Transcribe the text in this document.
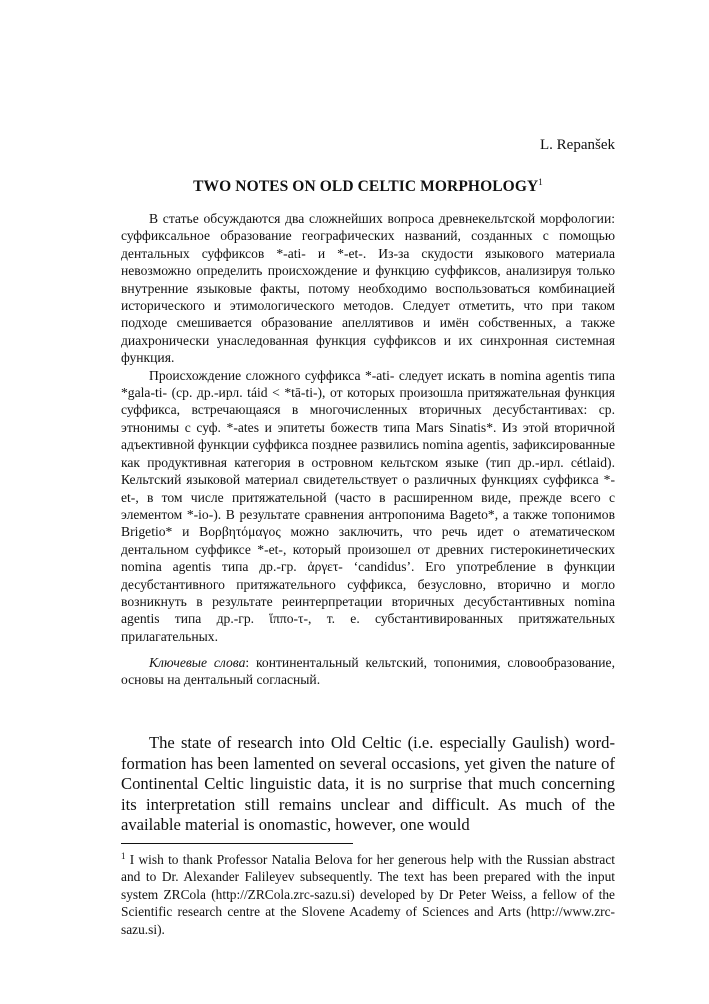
L. Repanšek
TWO NOTES ON OLD CELTIC MORPHOLOGY$^1$

В статье обсуждаются два сложнейших вопроса древнекельтской морфологии: суффиксальное образование географических названий, созданных с помощью дентальных суффиксов *-ati- и *-et-. Из-за скудости языкового материала невозможно определить происхождение и функцию суффиксов, анализируя только внутренние языковые факты, потому необходимо воспользоваться комбинацией исторического и этимологического методов. Следует отметить, что при таком подходе смешивается образование апеллятивов и имён собственных, а также диахронически унаследованная функция суффиксов и их синхронная системная функция.

Происхождение сложного суффикса *-ati- следует искать в nomina agentis типа *gala-ti- (ср. др.-ирл. táid < *tā-ti-), от которых произошла притяжательная функция суффикса, встречающаяся в многочисленных вторичных десубстантивах: ср. этнонимы с суф. *-ates и эпитеты божеств типа Mars Sinatis*. Из этой вторичной адъективной функции суффикса позднее развились nomina agentis, зафиксированные как продуктивная категория в островном кельтском языке (тип др.-ирл. cétlaid). Кельтский языковой материал свидетельствует о различных функциях суффикса *-et-, в том числе притяжательной (часто в расширенном виде, прежде всего с элементом *-io-). В результате сравнения антропонима Bageto*, а также топонимов Brigetio* и Βορβητόμαγος можно заключить, что речь идет о атематическом дентальном суффиксе *-et-, который произошел от древних гистерокинетических nomina agentis типа др.-гр. ἀργετ- ‘candidus’. Его употребление в функции десубстантивного притяжательного суффикса, безусловно, вторично и могло возникнуть в результате реинтерпретации вторичных десубстантивных nomina agentis типа др.-гр. ἵππο-τ-, т. е. субстантивированных притяжательных прилагательных.

Ключевые слова: континентальный кельтский, топонимия, словообразование, основы на дентальный согласный.

The state of research into Old Celtic (i.e. especially Gaulish) word-formation has been lamented on several occasions, yet given the nature of Continental Celtic linguistic data, it is no surprise that much concerning its interpretation still remains unclear and difficult. As much of the available material is onomastic, however, one would

$^1$ I wish to thank Professor Natalia Belova for her generous help with the Russian abstract and to Dr. Alexander Falileyev subsequently. The text has been prepared with the input system ZRCola (http://ZRCola.zrc-sazu.si) developed by Dr Peter Weiss, a fellow of the Scientific research centre at the Slovene Academy of Sciences and Arts (http://www.zrc-sazu.si).
